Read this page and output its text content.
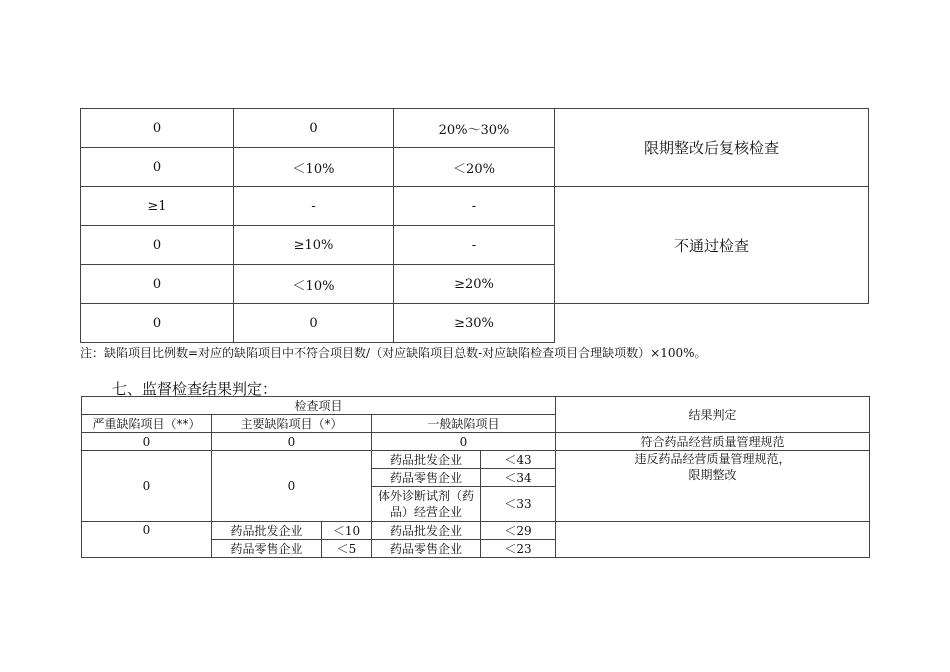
0	0	20%～30%	限期整改后复核检查
0	＜10%	＜20%	
≥1	-	-	不通过检查
0	≥10%	-	
0	＜10%	≥20%	
0	0	≥30%	
注：缺陷项目比例数=对应的缺陷项目中不符合项目数/（对应缺陷项目总数-对应缺陷检查项目合理缺项数）×100%。
七、监督检查结果判定：
检查项目					结果判定
严重缺陷项目（**）	主要缺陷项目（*）		一般缺陷项目		
0	0		0		符合药品经营质量管理规范
0	0		药品批发企业	＜43	违反药品经营质量管理规范，
限期整改

			药品零售企业	＜34	
			体外诊断试剂（药品）经营企业	＜33	
0	药品批发企业	＜10	药品批发企业	＜29	
	药品零售企业	＜5	药品零售企业	＜23	
